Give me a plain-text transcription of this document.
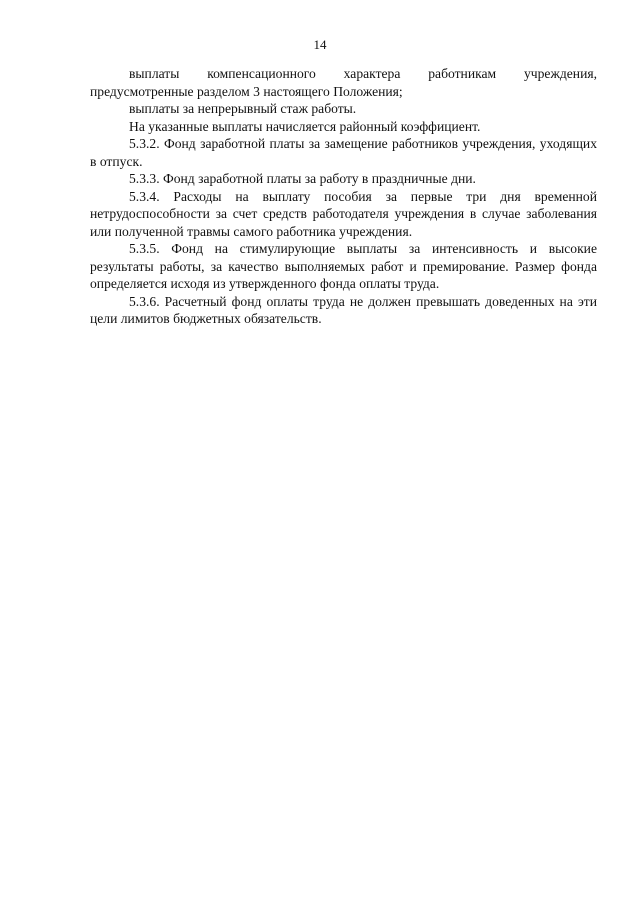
14

выплаты компенсационного характера работникам учреждения, предусмотренные разделом 3 настоящего Положения;

выплаты за непрерывный стаж работы.

На указанные выплаты начисляется районный коэффициент.

5.3.2. Фонд заработной платы за замещение работников учреждения, уходящих в отпуск.

5.3.3. Фонд заработной платы за работу в праздничные дни.

5.3.4. Расходы на выплату пособия за первые три дня временной нетрудоспособности за счет средств работодателя учреждения в случае заболевания или полученной травмы самого работника учреждения.

5.3.5. Фонд на стимулирующие выплаты за интенсивность и высокие результаты работы, за качество выполняемых работ и премирование. Размер фонда определяется исходя из утвержденного фонда оплаты труда.

5.3.6. Расчетный фонд оплаты труда не должен превышать доведенных на эти цели лимитов бюджетных обязательств.
